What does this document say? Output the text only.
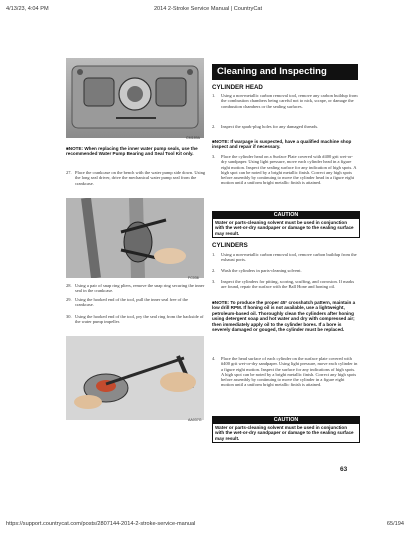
4/13/23, 4:04 PM	2014 2-Stroke Service Manual | CountryCat
https://support.countrycat.com/posts/2807144-2014-2-stroke-service-manual	65/194
CM189A
■NOTE: When replacing the inner water pump seals, use the recommended Water Pump Bearing and Seal Tool Kit only.
27. Place the crankcase on the bench with the water pump side down. Using the long seal driver, drive the mechanical water pump seal from the crankcase.
FC036
28. Using a pair of snap ring pliers, remove the snap ring securing the inner seal in the crankcase.
29. Using the hooked end of the tool, pull the inner seal free of the crankcase.
30. Using the hooked end of the tool, pry the seal ring from the backside of the water pump impeller.
AA037G
Cleaning and Inspecting
CYLINDER HEAD
1.	Using a non-metallic carbon removal tool, remove any carbon buildup from the combustion chambers being careful not to nick, scrape, or damage the combustion chambers or the sealing surfaces.
2.	Inspect the spark-plug holes for any damaged threads.
■NOTE: If warpage is suspected, have a qualified machine shop inspect and repair if necessary.
3.	Place the cylinder head on a Surface Plate covered with #400 grit wet-or-dry sandpaper. Using light pressure, move each cylinder head in a figure eight motion. Inspect the sealing surface for any indication of high spots. A high spot can be noted by a bright metallic finish. Correct any high spots before assembly by continuing to move the cylinder head in a figure eight motion until a uniform bright metallic finish is attained.
CAUTION
Water or parts-cleaning solvent must be used in conjunction with the wet-or-dry sandpaper or damage to the sealing surface may result.
CYLINDERS
1.	Using a non-metallic carbon removal tool, remove carbon buildup from the exhaust ports.
2.	Wash the cylinders in parts-cleaning solvent.
3.	Inspect the cylinders for pitting, scoring, scuffing, and corrosion. If marks are found, repair the surface with the Ball Hone and honing oil.
■NOTE: To produce the proper 45° crosshatch pattern, maintain a low drill RPM. If honing oil is not available, use a lightweight, petroleum-based oil. Thoroughly clean the cylinders after honing using detergent soap and hot water and dry with compressed air; then immediately apply oil to the cylinder bores. If a bore is severely damaged or gouged, the cylinder must be replaced.
4.	Place the head surface of each cylinder on the surface plate covered with #400 grit wet-or-dry sandpaper. Using light pressure, move each cylinder in a figure eight motion. Inspect the surface for any indications of high spots. A high spot can be noted by a bright metallic finish. Correct any high spots before assembly by continuing to move the cylinder in a figure eight motion until a uniform bright metallic finish is attained.
CAUTION
Water or parts-cleaning solvent must be used in conjunction with the wet-or-dry sandpaper or damage to the sealing surface may result.
63
